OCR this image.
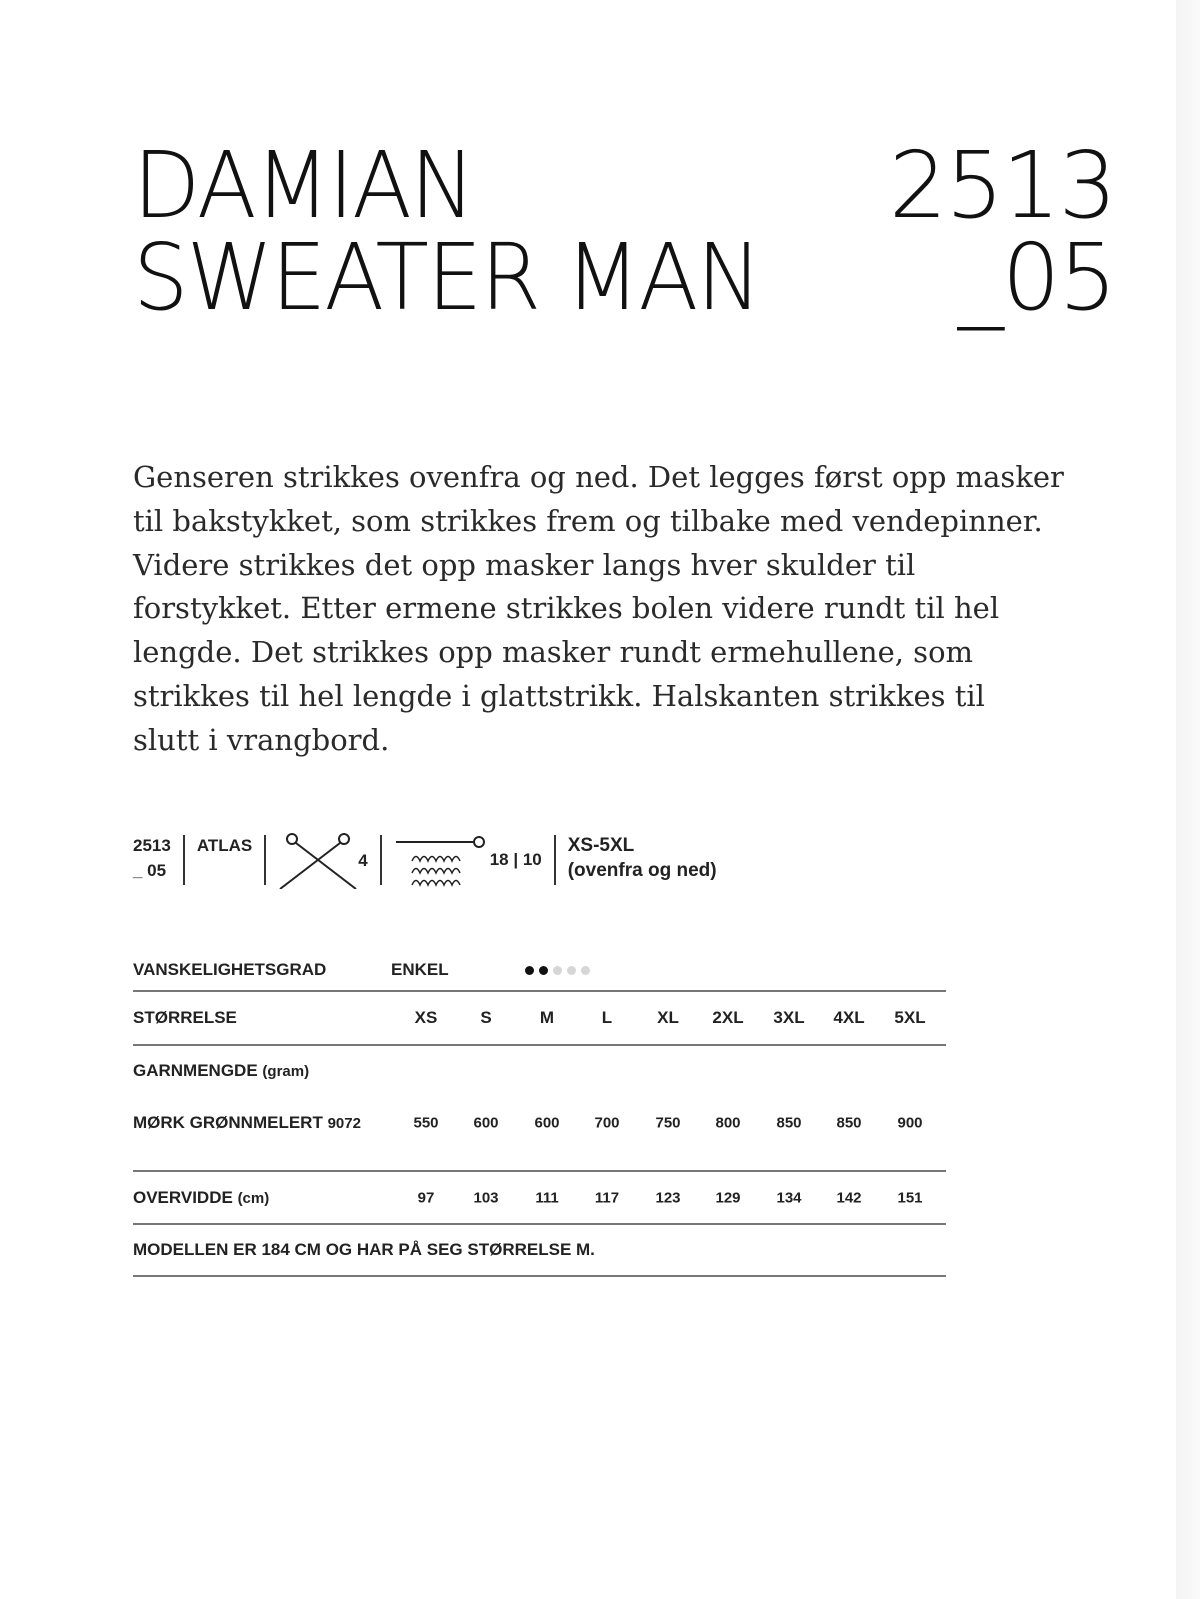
DAMIAN
SWEATER MAN
2513
_05
Genseren strikkes ovenfra og ned. Det legges først opp masker
til bakstykket, som strikkes frem og tilbake med vendepinner.
Videre strikkes det opp masker langs hver skulder til
forstykket. Etter ermene strikkes bolen videre rundt til hel
lengde. Det strikkes opp masker rundt ermehullene, som
strikkes til hel lengde i glattstrikk. Halskanten strikkes til
slutt i vrangbord.
2513
_ 05
ATLAS
4	18 | 10
XS-5XL
(ovenfra og ned)
VANSKELIGHETSGRAD	ENKEL
STØRRELSE	XS	S	M	L	XL 2XL 3XL 4XL 5XL
GARNMENGDE (gram)
MØRK GRØNNMELERT 9072	550 600 600 700 750 800 850 850 900
OVERVIDDE (cm)	97	103 111 117 123 129 134 142 151
MODELLEN ER 184 CM OG HAR PÅ SEG STØRRELSE M.
